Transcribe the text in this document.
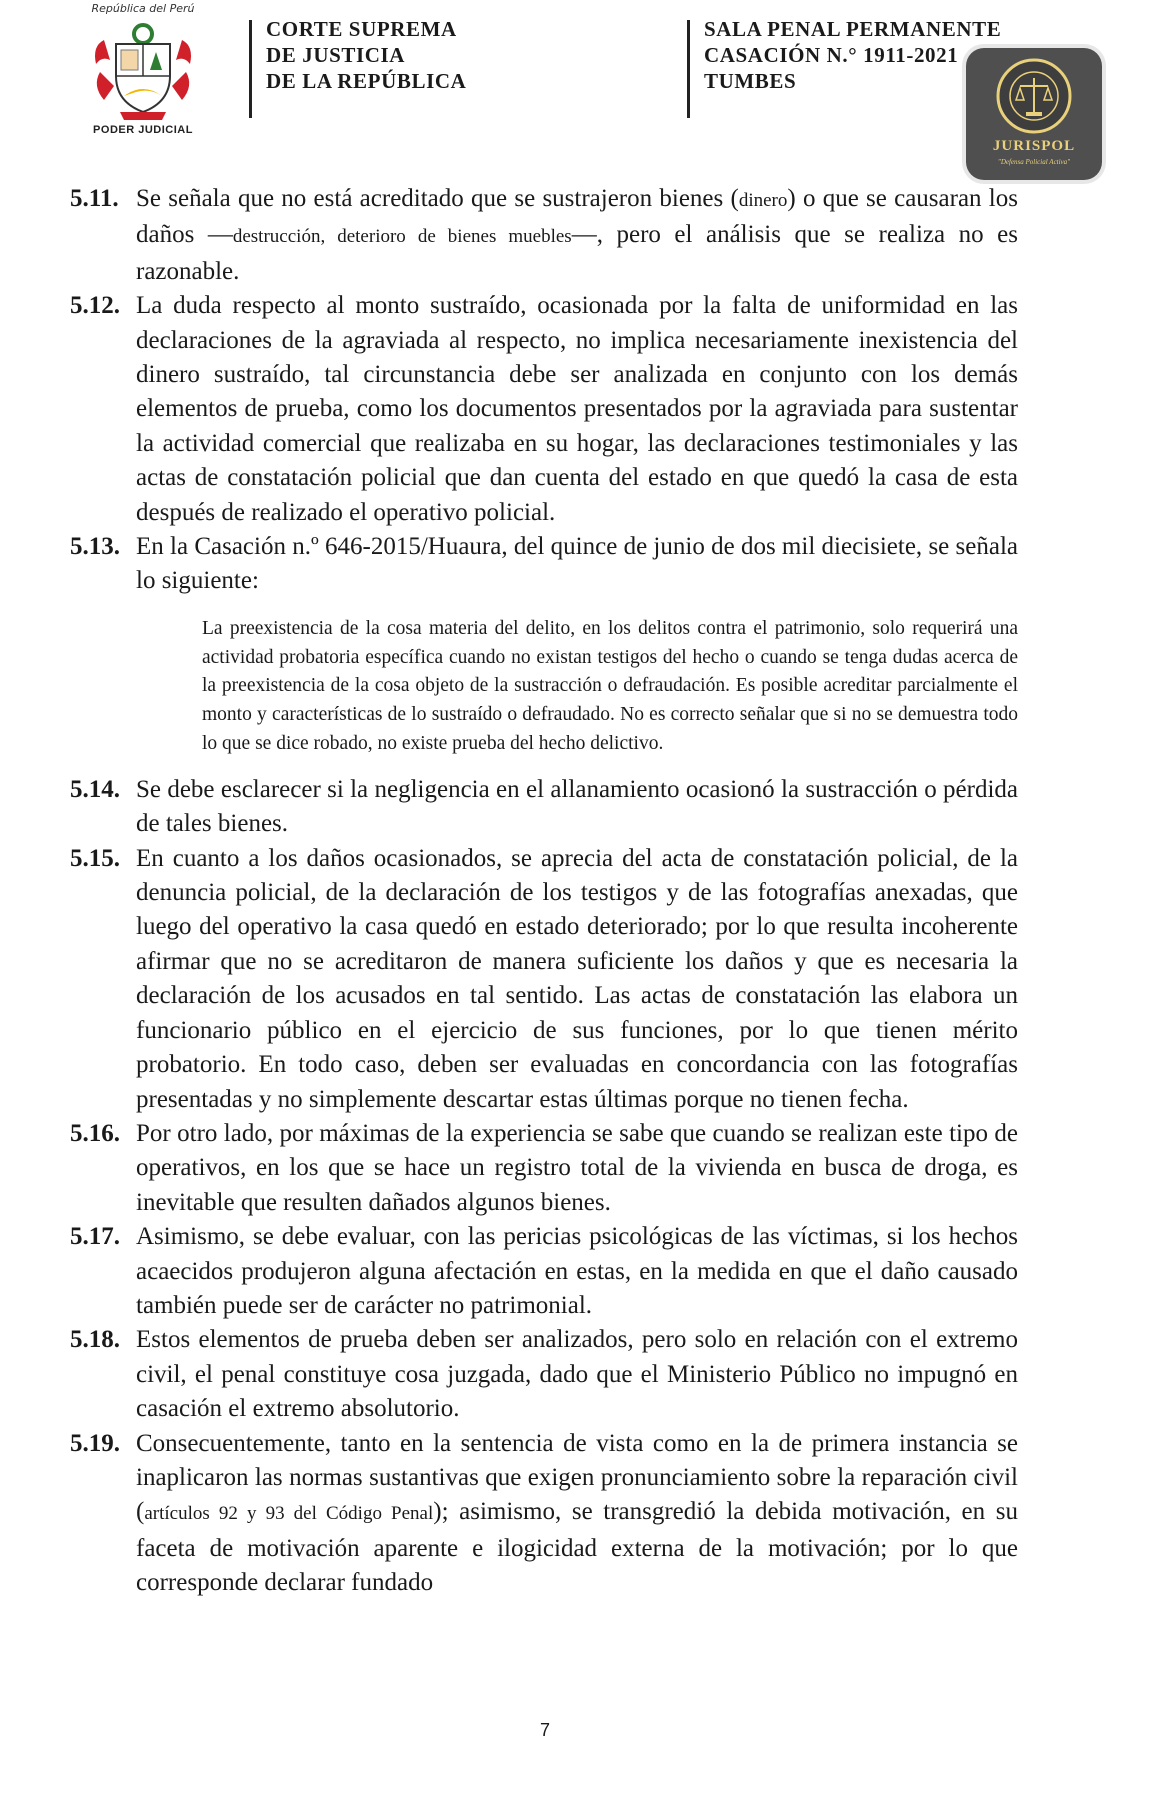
República del Perú
PODER JUDICIAL
CORTE SUPREMA
DE JUSTICIA
DE LA REPÚBLICA
SALA PENAL PERMANENTE
CASACIÓN N.° 1911-2021
TUMBES
JURISPOL
"Defensa Policial Activa"

5.11. Se señala que no está acreditado que se sustrajeron bienes (dinero) o que se causaran los daños —destrucción, deterioro de bienes muebles—, pero el análisis que se realiza no es razonable.

5.12. La duda respecto al monto sustraído, ocasionada por la falta de uniformidad en las declaraciones de la agraviada al respecto, no implica necesariamente inexistencia del dinero sustraído, tal circunstancia debe ser analizada en conjunto con los demás elementos de prueba, como los documentos presentados por la agraviada para sustentar la actividad comercial que realizaba en su hogar, las declaraciones testimoniales y las actas de constatación policial que dan cuenta del estado en que quedó la casa de esta después de realizado el operativo policial.

5.13. En la Casación n.º 646-2015/Huaura, del quince de junio de dos mil diecisiete, se señala lo siguiente:

La preexistencia de la cosa materia del delito, en los delitos contra el patrimonio, solo requerirá una actividad probatoria específica cuando no existan testigos del hecho o cuando se tenga dudas acerca de la preexistencia de la cosa objeto de la sustracción o defraudación. Es posible acreditar parcialmente el monto y características de lo sustraído o defraudado. No es correcto señalar que si no se demuestra todo lo que se dice robado, no existe prueba del hecho delictivo.

5.14. Se debe esclarecer si la negligencia en el allanamiento ocasionó la sustracción o pérdida de tales bienes.

5.15. En cuanto a los daños ocasionados, se aprecia del acta de constatación policial, de la denuncia policial, de la declaración de los testigos y de las fotografías anexadas, que luego del operativo la casa quedó en estado deteriorado; por lo que resulta incoherente afirmar que no se acreditaron de manera suficiente los daños y que es necesaria la declaración de los acusados en tal sentido. Las actas de constatación las elabora un funcionario público en el ejercicio de sus funciones, por lo que tienen mérito probatorio. En todo caso, deben ser evaluadas en concordancia con las fotografías presentadas y no simplemente descartar estas últimas porque no tienen fecha.

5.16. Por otro lado, por máximas de la experiencia se sabe que cuando se realizan este tipo de operativos, en los que se hace un registro total de la vivienda en busca de droga, es inevitable que resulten dañados algunos bienes.

5.17. Asimismo, se debe evaluar, con las pericias psicológicas de las víctimas, si los hechos acaecidos produjeron alguna afectación en estas, en la medida en que el daño causado también puede ser de carácter no patrimonial.

5.18. Estos elementos de prueba deben ser analizados, pero solo en relación con el extremo civil, el penal constituye cosa juzgada, dado que el Ministerio Público no impugnó en casación el extremo absolutorio.

5.19. Consecuentemente, tanto en la sentencia de vista como en la de primera instancia se inaplicaron las normas sustantivas que exigen pronunciamiento sobre la reparación civil (artículos 92 y 93 del Código Penal); asimismo, se transgredió la debida motivación, en su faceta de motivación aparente e ilogicidad externa de la motivación; por lo que corresponde declarar fundado

7
